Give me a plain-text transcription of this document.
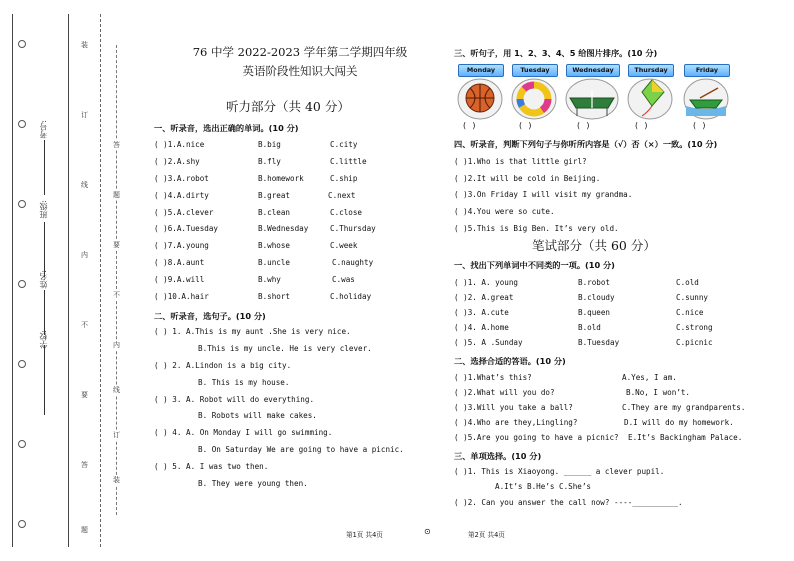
学校:
姓名:
班级:
考号:
装
订
线
内
不
要
答
题
答
题
要
不
内
线
订
装
76 中学 2022-2023 学年第二学期四年级
英语阶段性知识大闯关
听力部分（共 40 分）
一、听录音，选出正确的单词。(10 分)
( )1.A.nice	B.big	C.city
( )2.A.shy	B.fly	C.little
( )3.A.robot	B.homework	C.ship
( )4.A.dirty	B.great	C.next
( )5.A.clever	B.clean	C.close
( )6.A.Tuesday	B.Wednesday	C.Thursday
( )7.A.young	B.whose	C.week
( )8.A.aunt	B.uncle	C.naughty
( )9.A.will	B.why	C.was
( )10.A.hair	B.short	C.holiday
二、听录音，选句子。(10 分)
( ) 1. A.This is my aunt .She is very nice.
B.This is my uncle. He is very clever.
( ) 2. A.Lindon is a big city.
B. This is my house.
( ) 3. A. Robot will do everything.
B. Robots will make cakes.
( ) 4. A. On Monday I will go swimming.
B. On Saturday We are going to have a picnic.
( ) 5. A. I was two then.
B. They were young then.
三、听句子，用 1、2、3、4、5 给图片排序。(10 分)
Monday	Tuesday	Wednesday	Thursday	Friday
( )	( )	( )	( )	( )
四、听录音，判断下列句子与你听所内容是（√）否（×）一致。(10 分)
( )1.Who is that little girl?
( )2.It will be cold in Beijing.
( )3.On Friday I will visit my grandma.
( )4.You were so cute.
( )5.This is Big Ben. It’s very old.
笔试部分（共 60 分）
一、找出下列单词中不同类的一项。(10 分)
( )1. A. young	B.robot	C.old
( )2. A.great	B.cloudy	C.sunny
( )3. A.cute	B.queen	C.nice
( )4. A.home	B.old	C.strong
( )5. A .Sunday	B.Tuesday	C.picnic
二、选择合适的答语。(10 分)
( )1.What’s this?	A.Yes, I am.
( )2.What will you do?	B.No, I won’t.
( )3.Will you take a ball?	C.They are my grandparents.
( )4.Who are they,Lingling?	D.I will do my homework.
( )5.Are you going to have a picnic? E.It’s Backingham Palace.
三、单项选择。(10 分)
( )1. This is Xiaoyong. ______ a clever pupil.
A.It’s B.He’s C.She’s
( )2. Can you answer the call now? ----__________.
第1页 共4页	⊙	第2页 共4页
